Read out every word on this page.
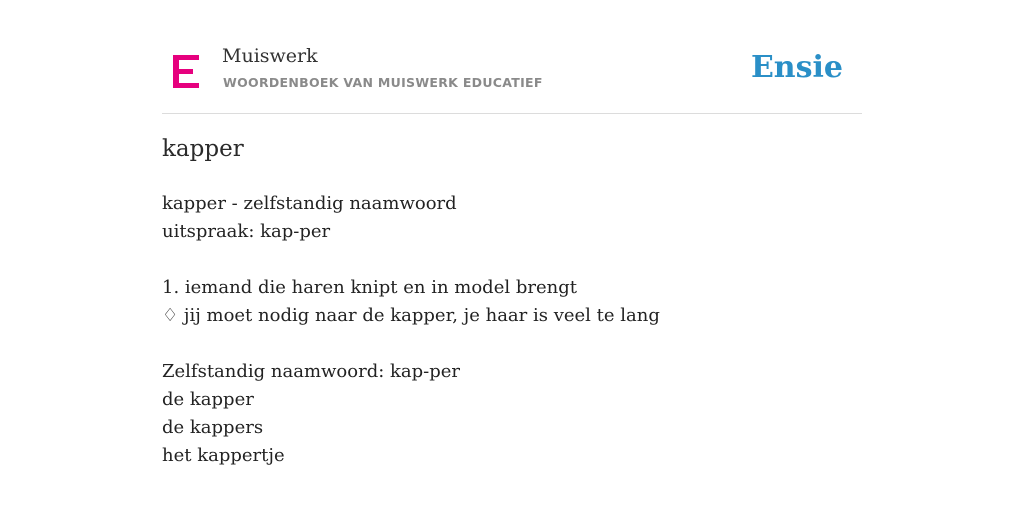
Muiswerk
WOORDENBOEK VAN MUISWERK EDUCATIEF	Ensie
kapper
kapper - zelfstandig naamwoord
uitspraak: kap-per
1. iemand die haren knipt en in model brengt
♢ jij moet nodig naar de kapper, je haar is veel te lang
Zelfstandig naamwoord: kap-per
de kapper
de kappers
het kappertje
